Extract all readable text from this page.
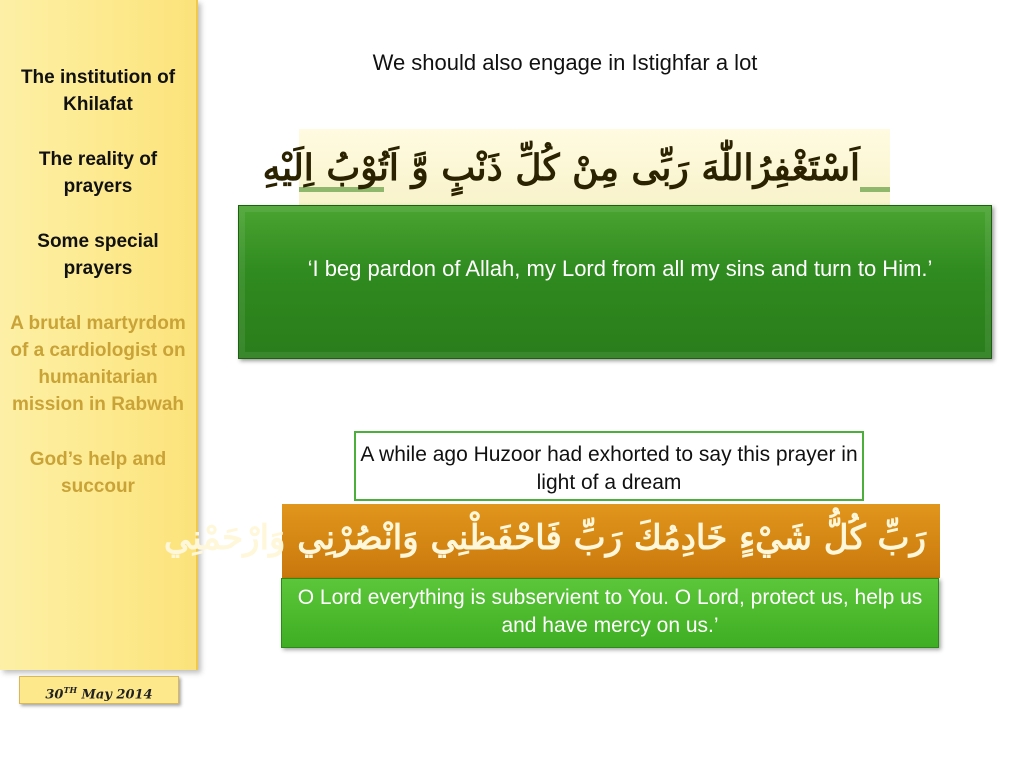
The institution of Khilafat
The reality of prayers
Some special prayers
A brutal martyrdom of a cardiologist on humanitarian mission in Rabwah
God’s help and succour
30TH May 2014
We should also engage in Istighfar a lot
اَسْتَغْفِرُاللّٰهَ رَبِّی مِنْ کُلِّ ذَنْبٍ وَّ اَتُوْبُ اِلَيْهِ
‘I beg pardon of Allah, my Lord from all my sins and turn to Him.’
A while ago Huzoor had exhorted to say this prayer in light of a dream
رَبِّ كُلُّ شَيْءٍ خَادِمُكَ رَبِّ فَاحْفَظْنِي وَانْصُرْنِي وَارْحَمْنِي
O Lord everything is subservient to You. O Lord, protect us, help us and have mercy on us.’
